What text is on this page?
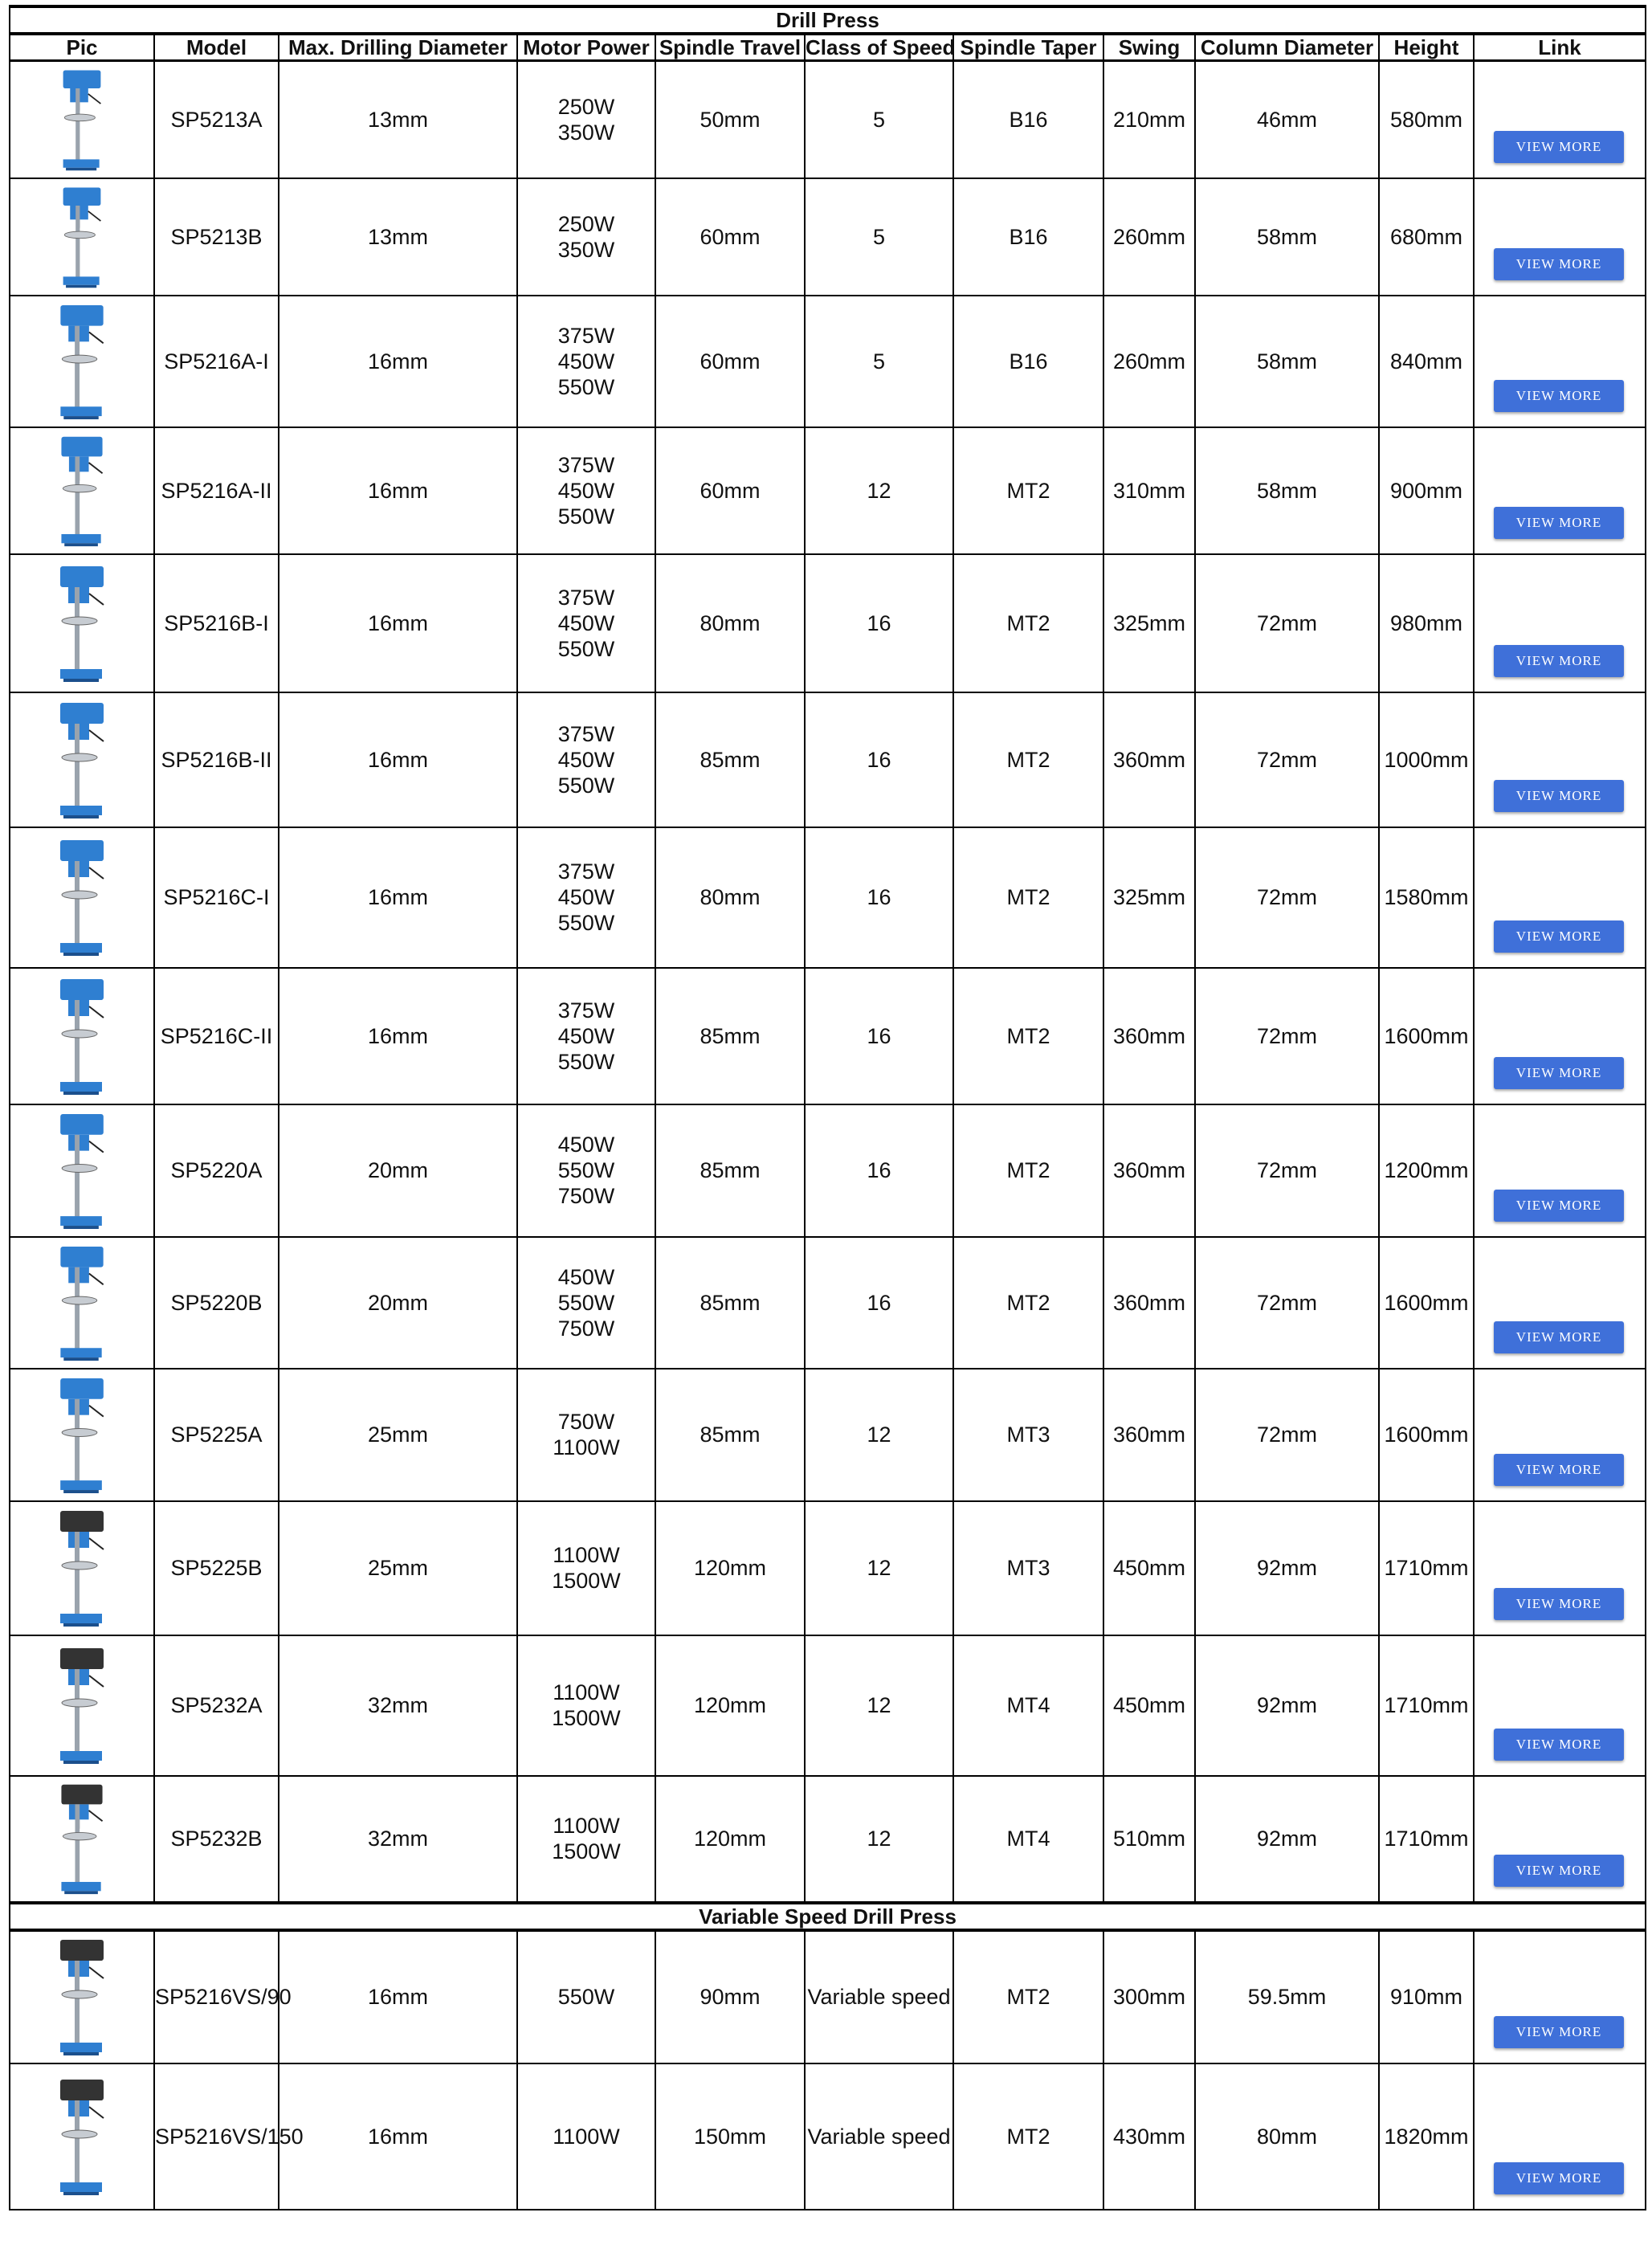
Drill Press										
Pic	Model	Max. Drilling Diameter	Motor Power	Spindle Travel	Class of Speed	Spindle Taper	Swing	Column Diameter	Height	Link

	SP5213A	13mm	250W
350W	50mm	5	B16	210mm	46mm	580mm	VIEW MORE

	SP5213B	13mm	250W
350W	60mm	5	B16	260mm	58mm	680mm	VIEW MORE

	SP5216A-I	16mm	375W
450W
550W	60mm	5	B16	260mm	58mm	840mm	VIEW MORE

	SP5216A-II	16mm	375W
450W
550W	60mm	12	MT2	310mm	58mm	900mm	VIEW MORE

	SP5216B-I	16mm	375W
450W
550W	80mm	16	MT2	325mm	72mm	980mm	VIEW MORE

	SP5216B-II	16mm	375W
450W
550W	85mm	16	MT2	360mm	72mm	1000mm	VIEW MORE

	SP5216C-I	16mm	375W
450W
550W	80mm	16	MT2	325mm	72mm	1580mm	VIEW MORE

	SP5216C-II	16mm	375W
450W
550W	85mm	16	MT2	360mm	72mm	1600mm	VIEW MORE

	SP5220A	20mm	450W
550W
750W	85mm	16	MT2	360mm	72mm	1200mm	VIEW MORE

	SP5220B	20mm	450W
550W
750W	85mm	16	MT2	360mm	72mm	1600mm	VIEW MORE

	SP5225A	25mm	750W
1100W	85mm	12	MT3	360mm	72mm	1600mm	VIEW MORE

	SP5225B	25mm	1100W
1500W	120mm	12	MT3	450mm	92mm	1710mm	VIEW MORE

	SP5232A	32mm	1100W
1500W	120mm	12	MT4	450mm	92mm	1710mm	VIEW MORE

	SP5232B	32mm	1100W
1500W	120mm	12	MT4	510mm	92mm	1710mm	VIEW MORE

Variable Speed Drill Press										

	SP5216VS/90	16mm	550W	90mm	Variable speed	MT2	300mm	59.5mm	910mm	VIEW MORE

	SP5216VS/150	16mm	1100W	150mm	Variable speed	MT2	430mm	80mm	1820mm	VIEW MORE
